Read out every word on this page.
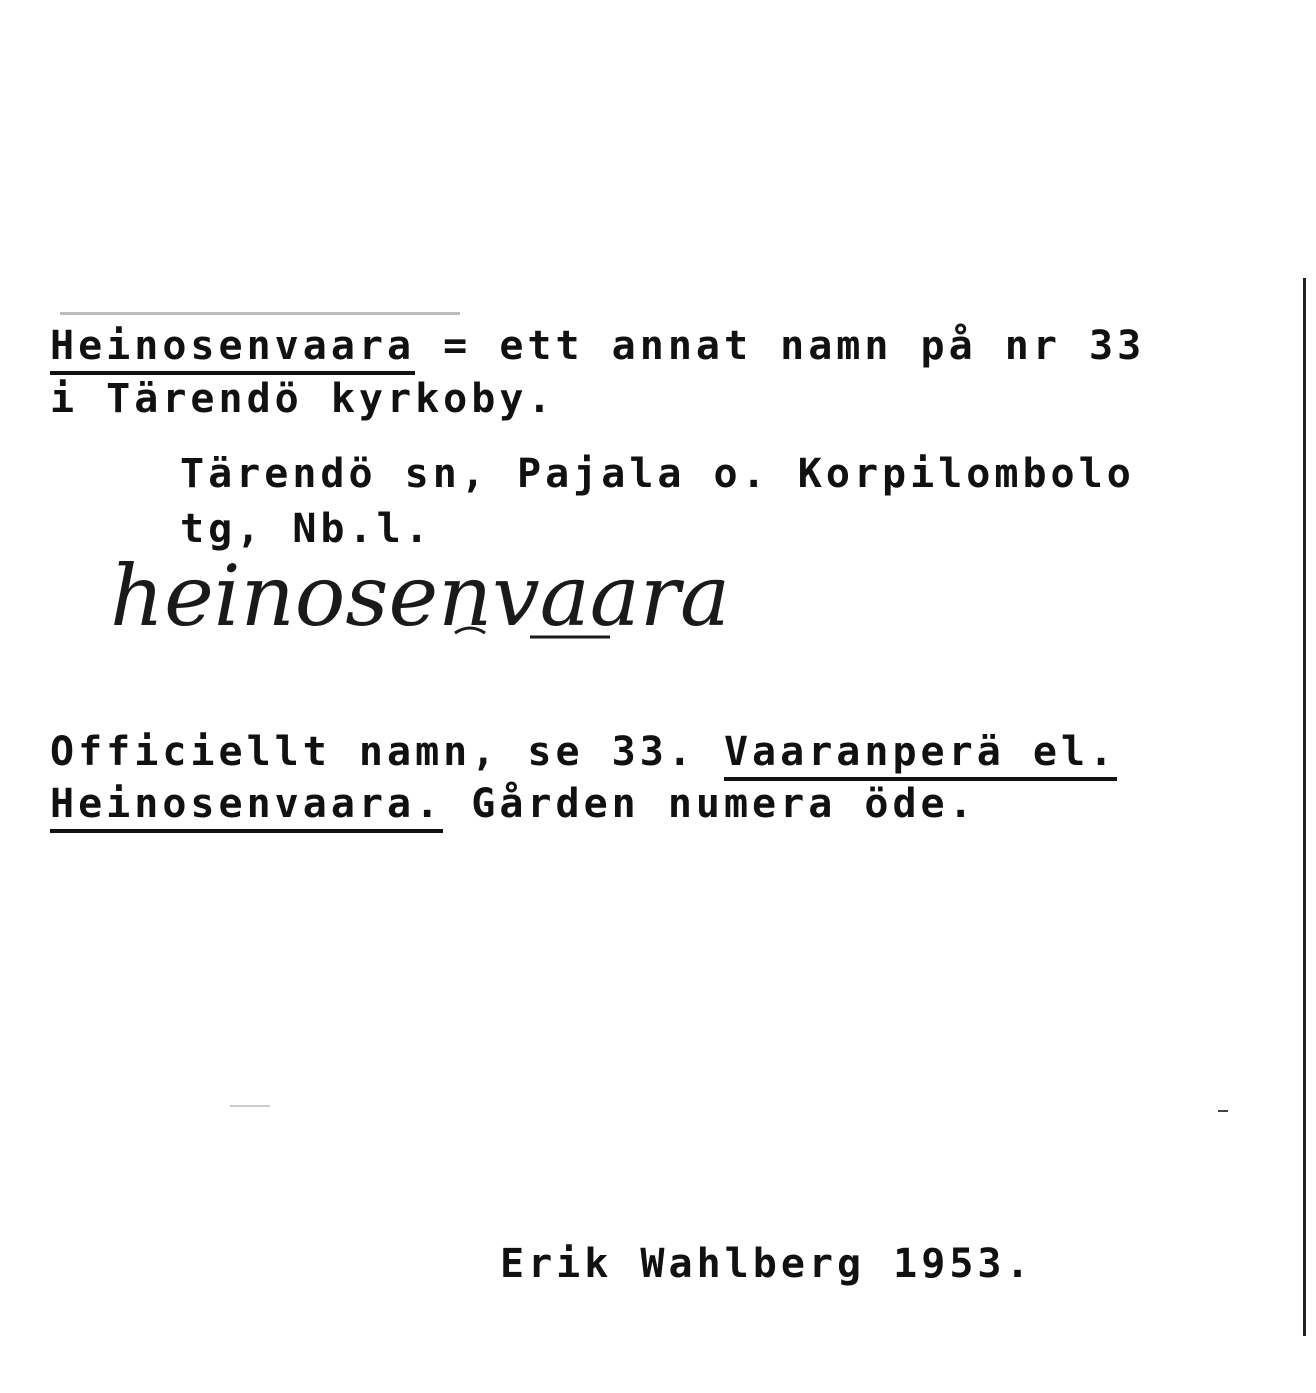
Heinosenvaara = ett annat namn på nr 33
i Tärendö kyrkoby.
Tärendö sn, Pajala o. Korpilombolo
tg, Nb.l.
heinosenvaara
Officiellt namn, se 33. Vaaranperä el.
Heinosenvaara. Gården numera öde.
Erik Wahlberg 1953.
